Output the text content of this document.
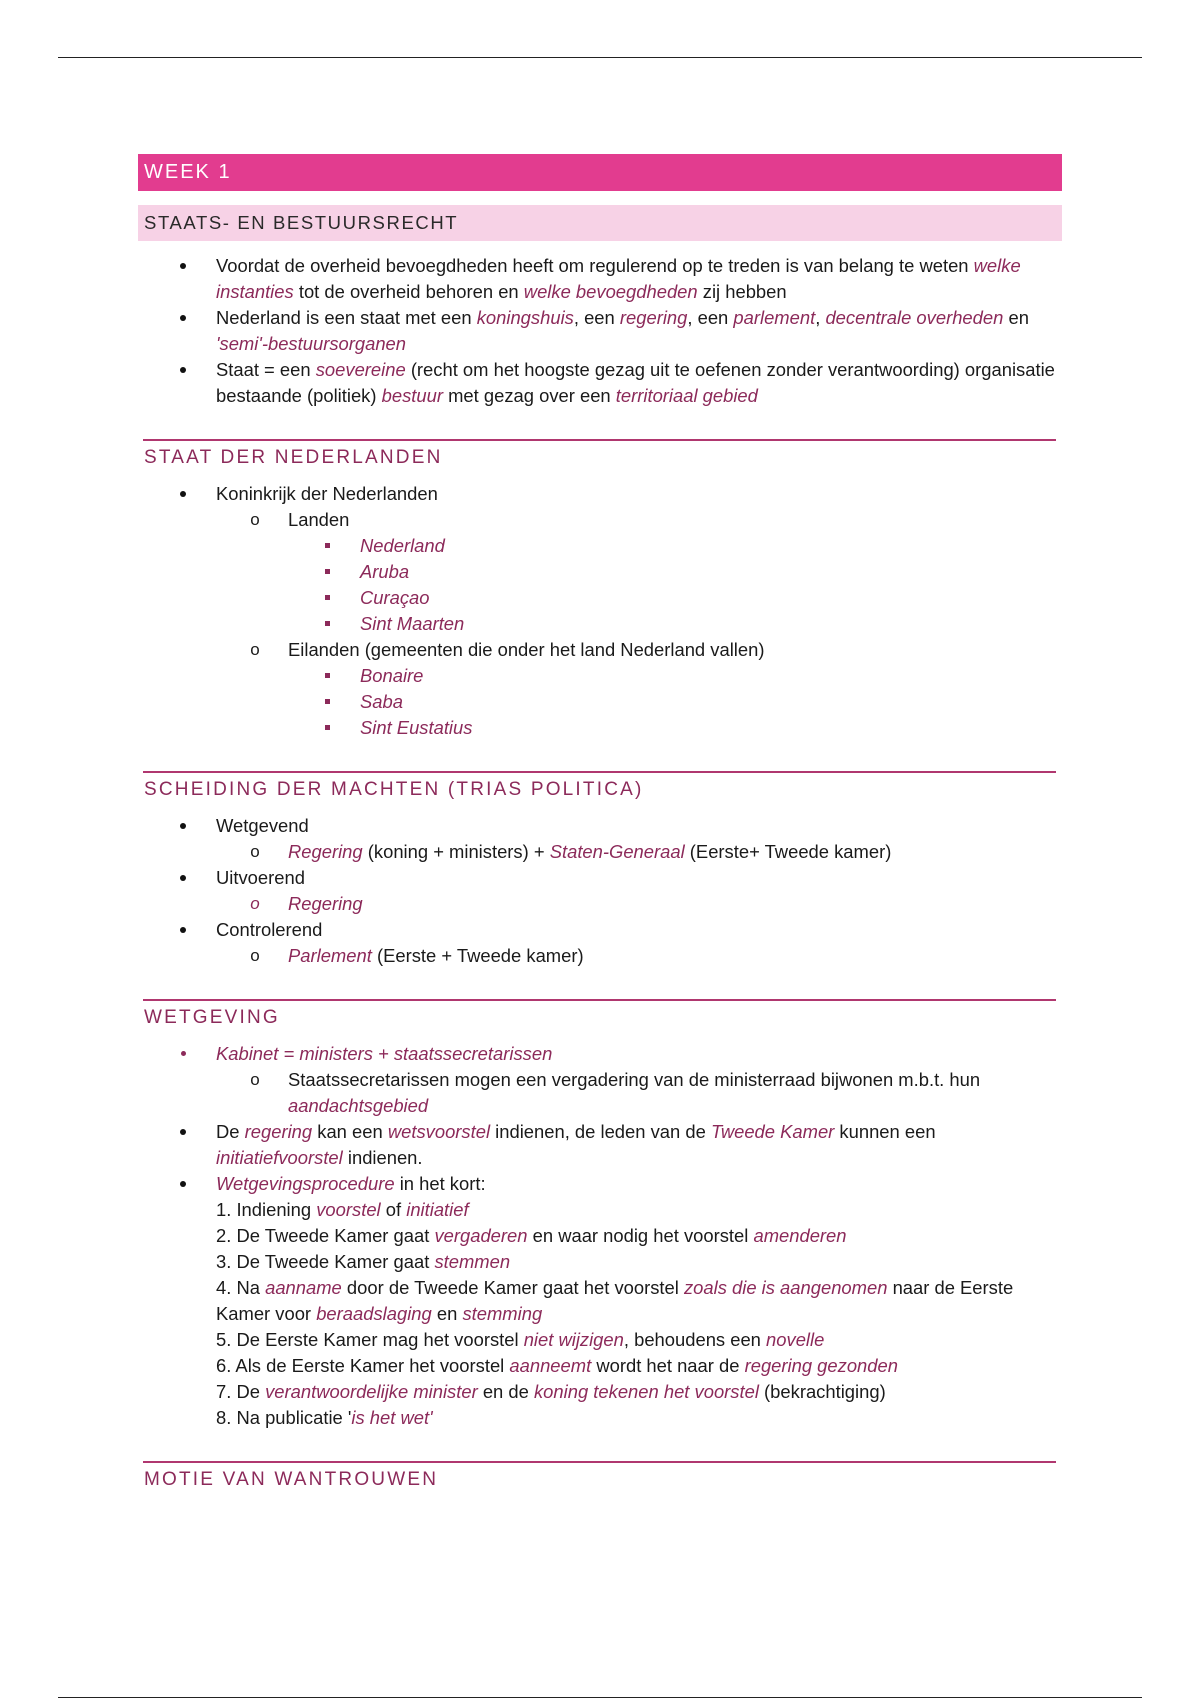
WEEK 1
STAATS- EN BESTUURSRECHT
Voordat de overheid bevoegdheden heeft om regulerend op te treden is van belang te weten welke instanties tot de overheid behoren en welke bevoegdheden zij hebben
Nederland is een staat met een koningshuis, een regering, een parlement, decentrale overheden en 'semi'-bestuursorganen
Staat = een soevereine (recht om het hoogste gezag uit te oefenen zonder verantwoording) organisatie bestaande (politiek) bestuur met gezag over een territoriaal gebied
STAAT DER NEDERLANDEN
Koninkrijk der Nederlanden
o Landen
Nederland
Aruba
Curaçao
Sint Maarten
o Eilanden (gemeenten die onder het land Nederland vallen)
Bonaire
Saba
Sint Eustatius
SCHEIDING DER MACHTEN (TRIAS POLITICA)
Wetgevend
o Regering (koning + ministers) + Staten-Generaal (Eerste+ Tweede kamer)
Uitvoerend
o Regering
Controlerend
o Parlement (Eerste + Tweede kamer)
WETGEVING
Kabinet = ministers + staatssecretarissen
o Staatssecretarissen mogen een vergadering van de ministerraad bijwonen m.b.t. hun aandachtsgebied
De regering kan een wetsvoorstel indienen, de leden van de Tweede Kamer kunnen een initiatiefvoorstel indienen.
Wetgevingsprocedure in het kort:
1. Indiening voorstel of initiatief
2. De Tweede Kamer gaat vergaderen en waar nodig het voorstel amenderen
3. De Tweede Kamer gaat stemmen
4. Na aanname door de Tweede Kamer gaat het voorstel zoals die is aangenomen naar de Eerste Kamer voor beraadslaging en stemming
5. De Eerste Kamer mag het voorstel niet wijzigen, behoudens een novelle
6. Als de Eerste Kamer het voorstel aanneemt wordt het naar de regering gezonden
7. De verantwoordelijke minister en de koning tekenen het voorstel (bekrachtiging)
8. Na publicatie 'is het wet'
MOTIE VAN WANTROUWEN
